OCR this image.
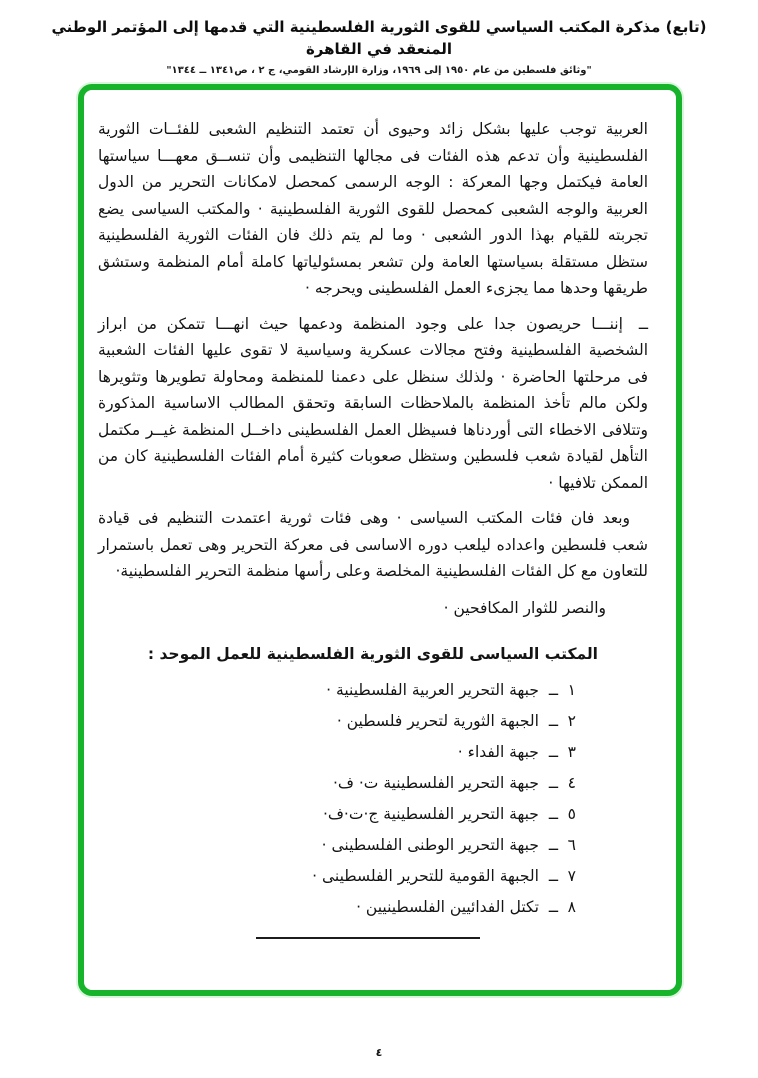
(تابع) مذكرة المكتب السياسي للقوى الثورية الفلسطينية التي قدمها إلى المؤتمر الوطني المنعقد في القاهرة
"وثائق فلسطين من عام ١٩٥٠ إلى ١٩٦٩، وزارة الإرشاد القومي، ج ٢ ، ص١٣٤١ ــ ١٣٤٤"

العربية توجب عليها بشكل زائد وحيوى أن تعتمد التنظيم الشعبى للفئــات الثورية الفلسطينية وأن تدعم هذه الفئات فى مجالها التنظيمى وأن تنســق معهـــا سياستها العامة فيكتمل وجها المعركة : الوجه الرسمى كمحصل لامكانات التحرير من الدول العربية والوجه الشعبى كمحصل للقوى الثورية الفلسطينية · والمكتب السياسى يضع تجربته للقيام بهذا الدور الشعبى · وما لم يتم ذلك فان الفئات الثورية الفلسطينية ستظل مستقلة بسياستها العامة ولن تشعر بمسئولياتها كاملة أمام المنظمة وستشق طريقها وحدها مما يجزىء العمل الفلسطينى ويحرجه ·

ــإننـــا حريصون جدا على وجود المنظمة ودعمها حيث انهـــا تتمكن من ابراز الشخصية الفلسطينية وفتح مجالات عسكرية وسياسية لا تقوى عليها الفئات الشعبية فى مرحلتها الحاضرة · ولذلك سنظل على دعمنا للمنظمة ومحاولة تطويرها وتثويرها ولكن مالم تأخذ المنظمة بالملاحظات السابقة وتحقق المطالب الاساسية المذكورة وتتلافى الاخطاء التى أوردناها فسيظل العمل الفلسطينى داخــل المنظمة غيــر مكتمل التأهل لقيادة شعب فلسطين وستظل صعوبات كثيرة أمام الفئات الفلسطينية كان من الممكن تلافيها ·

وبعد فان فئات المكتب السياسى · وهى فئات ثورية اعتمدت التنظيم فى قيادة شعب فلسطين واعداده ليلعب دوره الاساسى فى معركة التحرير وهى تعمل باستمرار للتعاون مع كل الفئات الفلسطينية المخلصة وعلى رأسها منظمة التحرير الفلسطينية·

والنصر للثوار المكافحين ·

المكتب السياسى للقوى الثورية الفلسطينية للعمل الموحد :
١ــجبهة التحرير العربية الفلسطينية ·
٢ــالجبهة الثورية لتحرير فلسطين ·
٣ــجبهة الفداء ·
٤ــجبهة التحرير الفلسطينية ت· ف·
٥ــجبهة التحرير الفلسطينية ج·ت·ف·
٦ــجبهة التحرير الوطنى الفلسطينى ·
٧ــالجبهة القومية للتحرير الفلسطينى ·
٨ــتكتل الفدائيين الفلسطينيين ·
٤
